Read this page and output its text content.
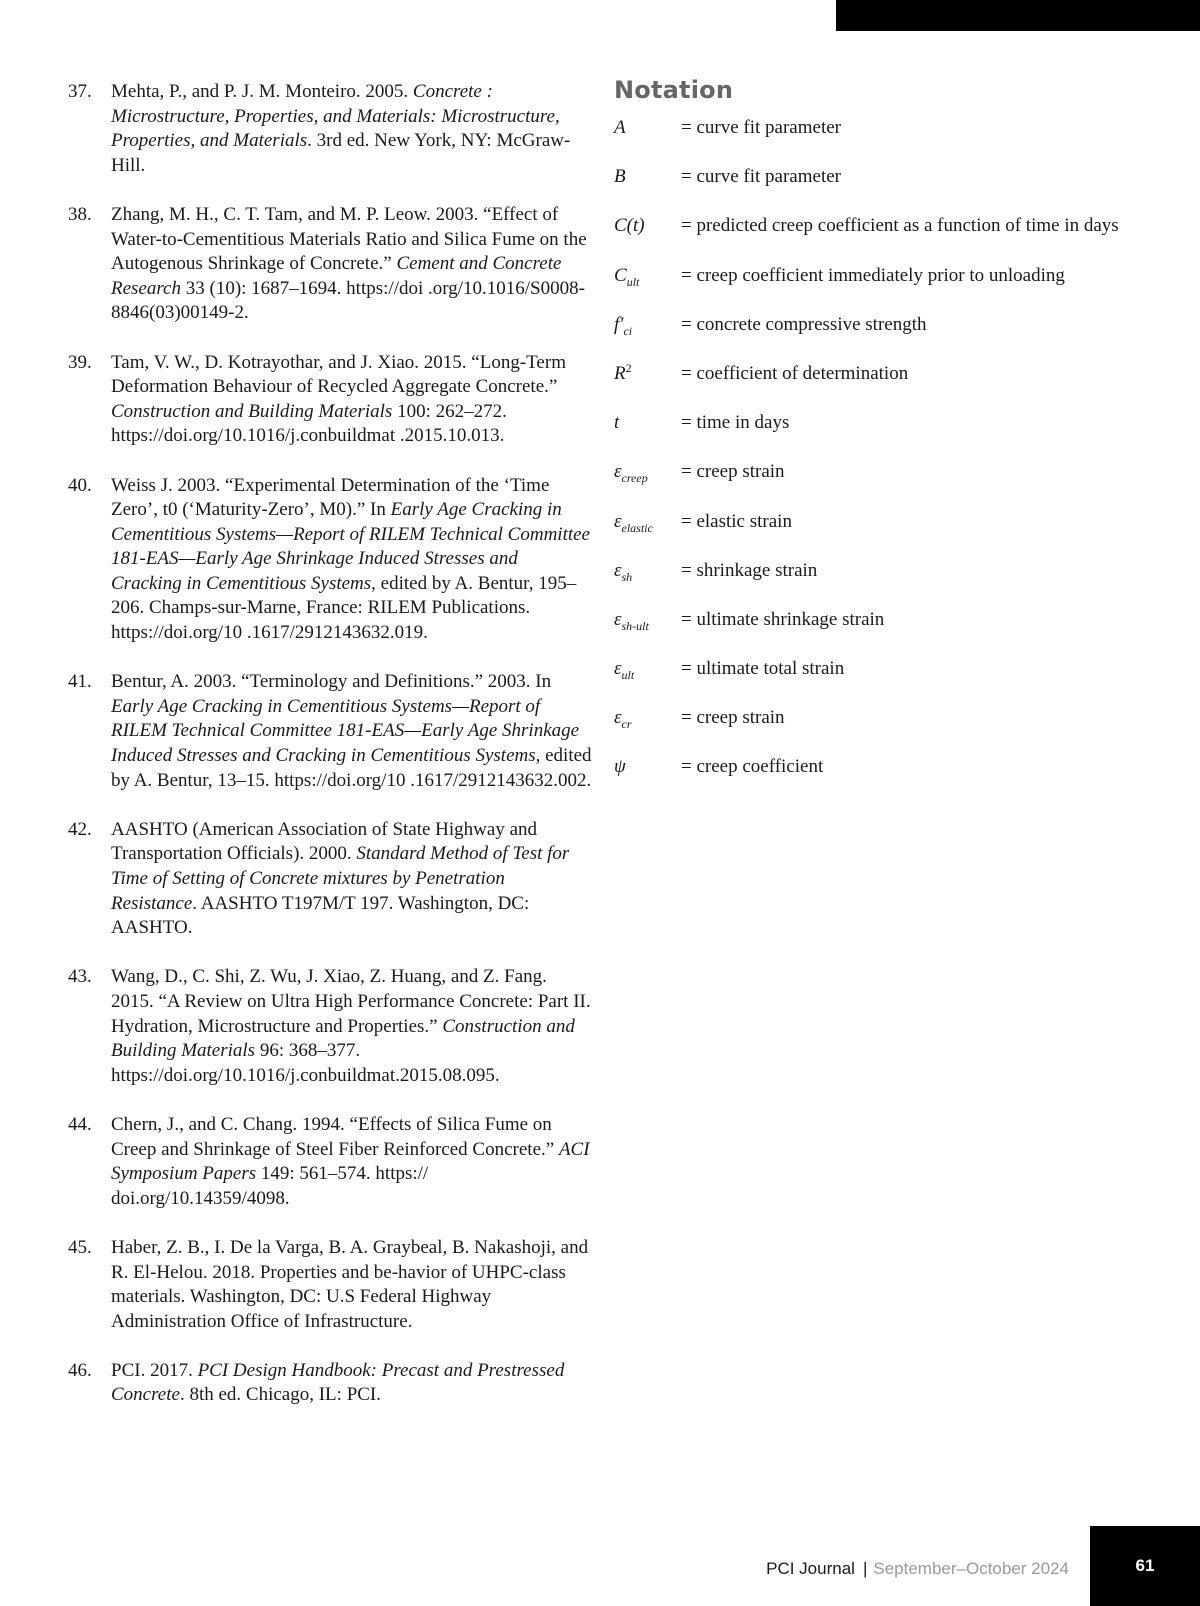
37.	Mehta, P., and P. J. M. Monteiro. 2005. Concrete : Microstructure, Properties, and Materials: Microstructure, Properties, and Materials. 3rd ed. New York, NY: McGraw-Hill.
38.	Zhang, M. H., C. T. Tam, and M. P. Leow. 2003. “Effect of Water-to-Cementitious Materials Ratio and Silica Fume on the Autogenous Shrinkage of Concrete.” Cement and Concrete Research 33 (10): 1687–1694. https://doi .org/10.1016/S0008-8846(03)00149-2.
39.	Tam, V. W., D. Kotrayothar, and J. Xiao. 2015. “Long-Term Deformation Behaviour of Recycled Aggregate Concrete.” Construction and Building Materials 100: 262–272. https://doi.org/10.1016/j.conbuildmat .2015.10.013.
40.	Weiss J. 2003. “Experimental Determination of the ‘Time Zero’, t0 (‘Maturity-Zero’, M0).” In Early Age Cracking in Cementitious Systems—Report of RILEM Technical Committee 181-EAS—Early Age Shrinkage Induced Stresses and Cracking in Cementitious Systems, edited by A. Bentur, 195–206. Champs-sur-Marne, France: RILEM Publications. https://doi.org/10 .1617/2912143632.019.
41.	Bentur, A. 2003. “Terminology and Definitions.” 2003. In Early Age Cracking in Cementitious Systems—Report of RILEM Technical Committee 181-EAS—Early Age Shrinkage Induced Stresses and Cracking in Cementitious Systems, edited by A. Bentur, 13–15. https://doi.org/10 .1617/2912143632.002.
42.	AASHTO (American Association of State Highway and Transportation Officials). 2000. Standard Method of Test for Time of Setting of Concrete mixtures by Penetration Resistance. AASHTO T197M/T 197. Washington, DC: AASHTO.
43.	Wang, D., C. Shi, Z. Wu, J. Xiao, Z. Huang, and Z. Fang. 2015. “A Review on Ultra High Performance Concrete: Part II. Hydration, Microstructure and Properties.” Construction and Building Materials 96: 368–377. https://doi.org/10.1016/j.conbuildmat.2015.08.095.
44.	Chern, J., and C. Chang. 1994. “Effects of Silica Fume on Creep and Shrinkage of Steel Fiber Reinforced Concrete.” ACI Symposium Papers 149: 561–574. https:// doi.org/10.14359/4098.
45.	Haber, Z. B., I. De la Varga, B. A. Graybeal, B. Nakashoji, and R. El-Helou. 2018. Properties and be-havior of UHPC-class materials. Washington, DC: U.S Federal Highway Administration Office of Infrastructure.
46.	PCI. 2017. PCI Design Handbook: Precast and Prestressed Concrete. 8th ed. Chicago, IL: PCI.
Notation
A	= curve fit parameter
B	= curve fit parameter
C(t)	= predicted creep coefficient as a function of time in days
$C_{ult}$	= creep coefficient immediately prior to unloading
$f'_{ci}$	= concrete compressive strength
$R^2$	= coefficient of determination
t	= time in days
$\varepsilon_{creep}$	= creep strain
$\varepsilon_{elastic}$	= elastic strain
$\varepsilon_{sh}$	= shrinkage strain
$\varepsilon_{sh-ult}$	= ultimate shrinkage strain
$\varepsilon_{ult}$	= ultimate total strain
$\varepsilon_{cr}$	= creep strain
ψ	= creep coefficient
PCI Journal | September–October 2024	61
